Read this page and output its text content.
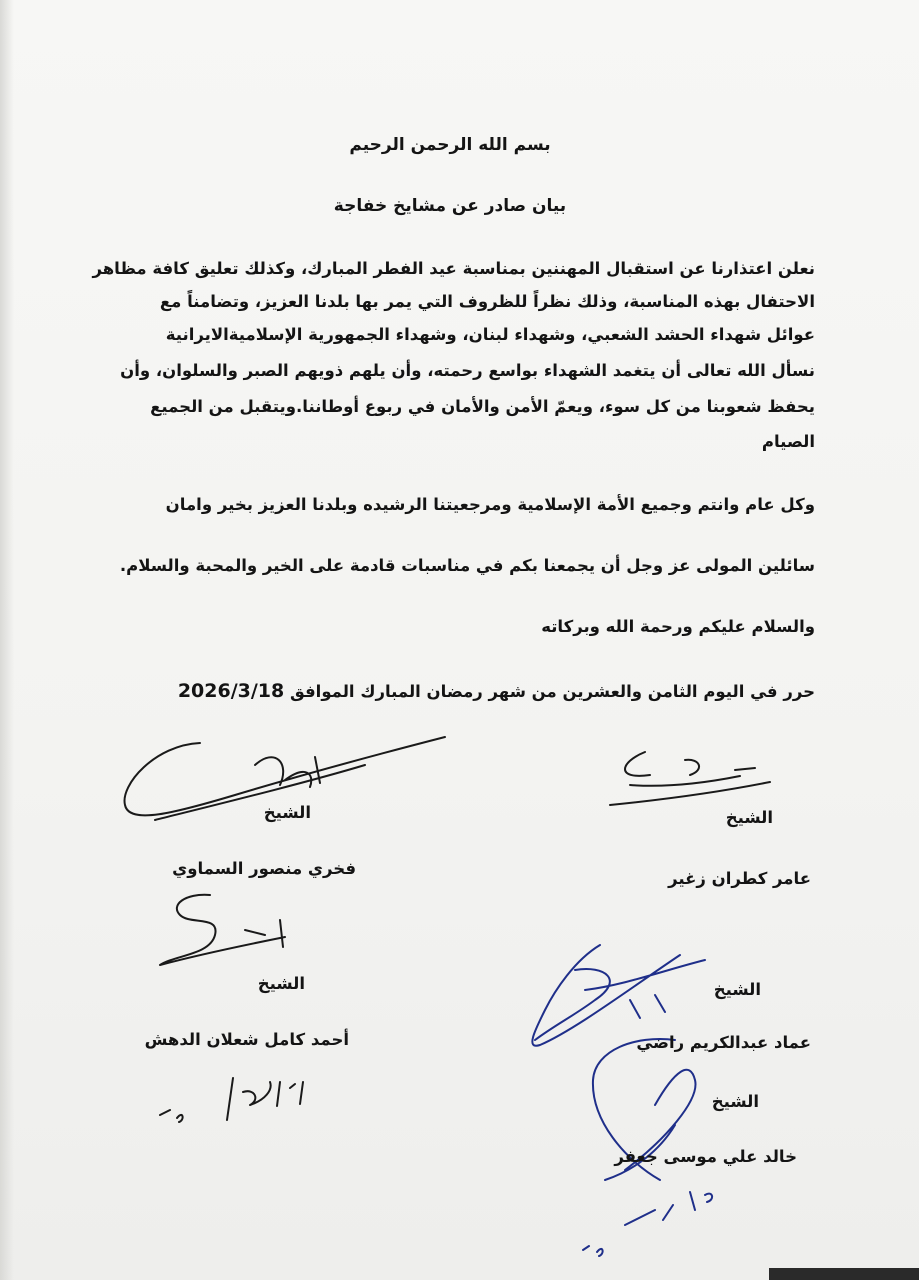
بسم الله الرحمن الرحيم
بيان صادر عن مشايخ خفاجة
نعلن اعتذارنا عن استقبال المهننين بمناسبة عيد الفطر المبارك، وكذلك تعليق كافة مظاهر
الاحتفال بهذه المناسبة، وذلك نظراً للظروف التي يمر بها بلدنا العزيز، وتضامناً مع
عوائل شهداء الحشد الشعبي، وشهداء لبنان، وشهداء الجمهورية الإسلاميةالايرانية
نسأل الله تعالى أن يتغمد الشهداء بواسع رحمته، وأن يلهم ذويهم الصبر والسلوان، وأن
يحفظ شعوبنا من كل سوء، ويعمّ الأمن والأمان في ربوع أوطاننا.ويتقبل من الجميع
الصيام
وكل عام وانتم وجميع الأمة الإسلامية ومرجعيتنا الرشيده وبلدنا العزيز بخير وامان
سائلين المولى عز وجل أن يجمعنا بكم في مناسبات قادمة على الخير والمحبة والسلام.
والسلام عليكم ورحمة الله وبركاته
حرر في اليوم الثامن والعشرين من شهر رمضان المبارك الموافق 2026/3/18
الشيخ
عامر كطران زغير
الشيخ
فخري منصور السماوي
الشيخ
عماد عبدالكريم راضي
الشيخ
أحمد كامل شعلان الدهش
الشيخ
خالد علي موسى جعفر
